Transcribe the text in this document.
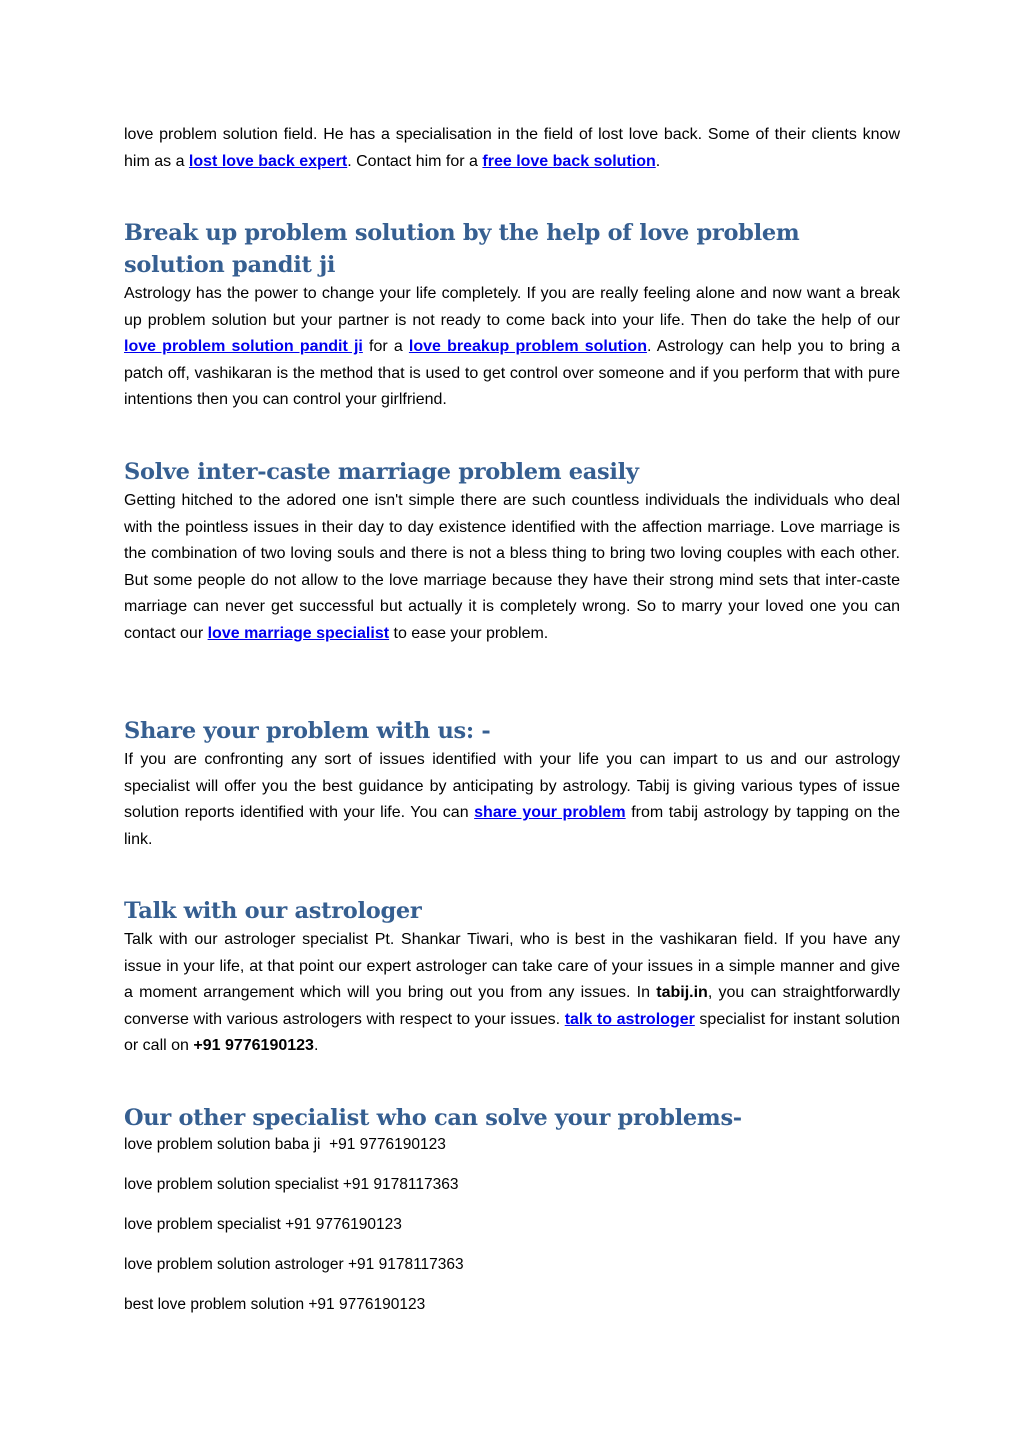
love problem solution field. He has a specialisation in the field of lost love back. Some of their clients know him as a lost love back expert. Contact him for a free love back solution.

Break up problem solution by the help of love problem solution pandit ji

Astrology has the power to change your life completely. If you are really feeling alone and now want a break up problem solution but your partner is not ready to come back into your life. Then do take the help of our love problem solution pandit ji for a love breakup problem solution. Astrology can help you to bring a patch off, vashikaran is the method that is used to get control over someone and if you perform that with pure intentions then you can control your girlfriend.

Solve inter-caste marriage problem easily

Getting hitched to the adored one isn't simple there are such countless individuals the individuals who deal with the pointless issues in their day to day existence identified with the affection marriage. Love marriage is the combination of two loving souls and there is not a bless thing to bring two loving couples with each other. But some people do not allow to the love marriage because they have their strong mind sets that inter-caste marriage can never get successful but actually it is completely wrong. So to marry your loved one you can contact our love marriage specialist to ease your problem.

Share your problem with us: -

If you are confronting any sort of issues identified with your life you can impart to us and our astrology specialist will offer you the best guidance by anticipating by astrology. Tabij is giving various types of issue solution reports identified with your life. You can share your problem from tabij astrology by tapping on the link.

Talk with our astrologer

Talk with our astrologer specialist Pt. Shankar Tiwari, who is best in the vashikaran field. If you have any issue in your life, at that point our expert astrologer can take care of your issues in a simple manner and give a moment arrangement which will you bring out you from any issues. In tabij.in, you can straightforwardly converse with various astrologers with respect to your issues. talk to astrologer specialist for instant solution or call on +91 9776190123.

Our other specialist who can solve your problems-

love problem solution baba ji  +91 9776190123

love problem solution specialist +91 9178117363

love problem specialist +91 9776190123

love problem solution astrologer +91 9178117363

best love problem solution +91 9776190123
